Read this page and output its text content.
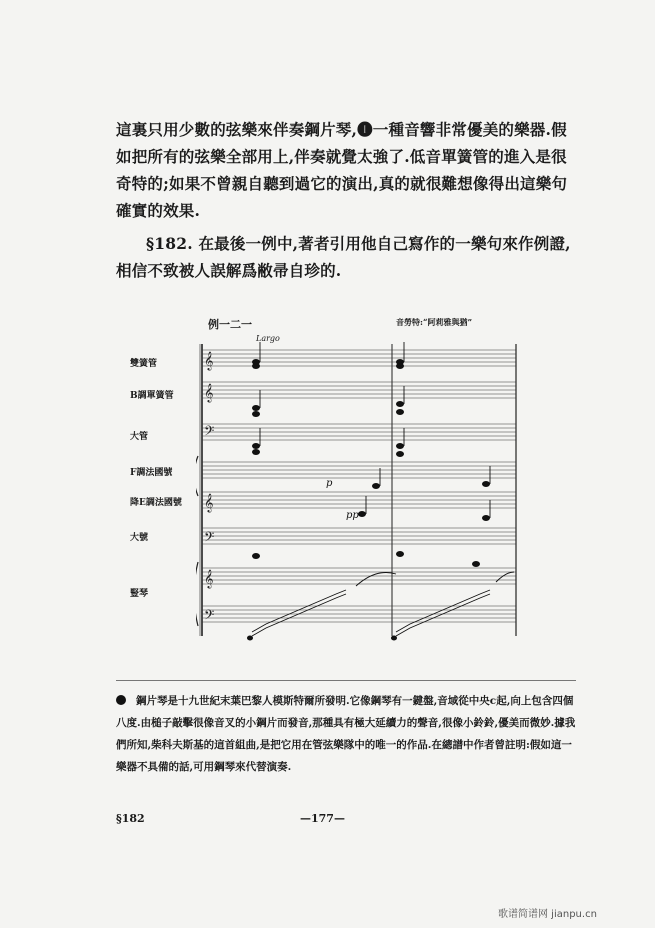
這裏只用少數的弦樂來伴奏鋼片琴,❶一種音響非常優美的樂器.假如把所有的弦樂全部用上,伴奏就覺太強了.低音單簧管的進入是很奇特的;如果不曾親自聽到過它的演出,真的就很難想像得出這樂句確實的效果.

§182. 在最後一例中,著者引用他自己寫作的一樂句來作例證,相信不致被人誤解爲敝帚自珍的.

例一二一	音勞特:“阿莉雅與猶”
Largo
雙簧管
B調單簧管
大管
F調法國號
降E調法國號
大號
豎琴
𝄞
𝄞
𝄢
𝄞
𝄢
𝄞
𝄢
p
pp
鋼片琴是十九世紀末葉巴黎人模斯特爾所發明.它像鋼琴有一鍵盤,音域從中央c起,向上包含四個八度.由槌子敲擊很像音叉的小鋼片而發音,那種具有極大延續力的聲音,很像小鈴鈴,優美而微妙.據我們所知,柴科夫斯基的這首組曲,是把它用在管弦樂隊中的唯一的作品.在總譜中作者曾註明:假如這一樂器不具備的話,可用鋼琴來代替演奏.
§182	—177—
歌谱简谱网 jianpu.cn
